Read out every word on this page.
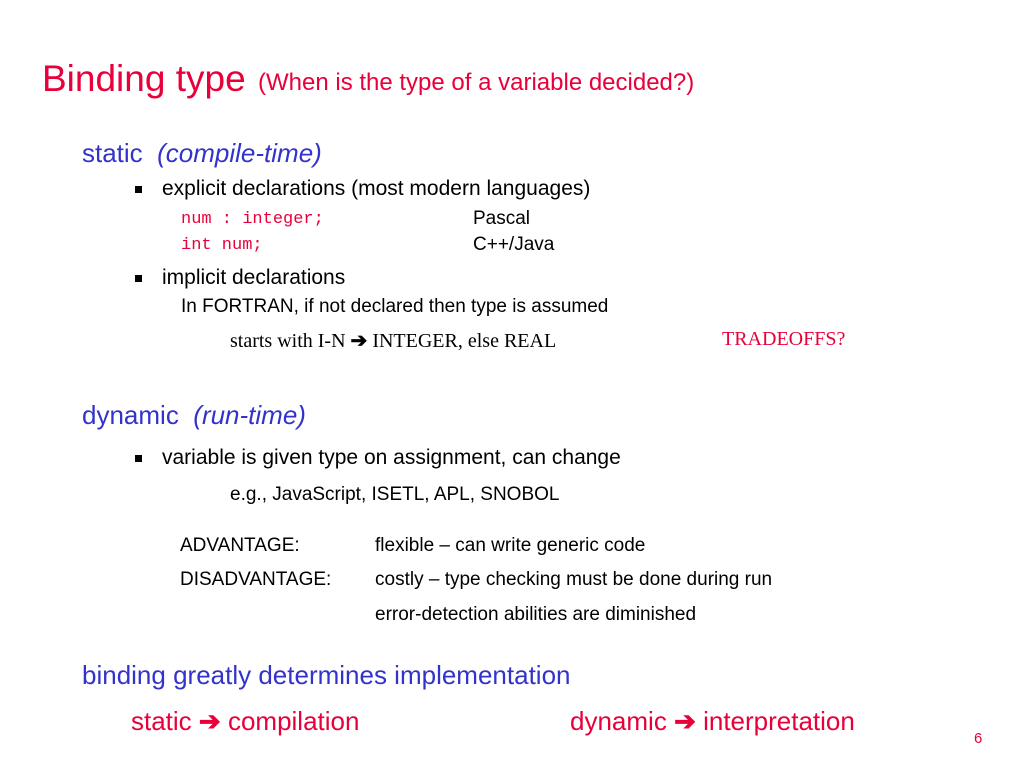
Binding type (When is the type of a variable decided?)
static (compile-time)
explicit declarations (most modern languages)
num : integer;	Pascal
int num;	C++/Java
implicit declarations
In FORTRAN, if not declared then type is assumed
starts with I-N ➔ INTEGER, else REAL	TRADEOFFS?
dynamic (run-time)
variable is given type on assignment, can change
e.g., JavaScript, ISETL, APL, SNOBOL
ADVANTAGE:	flexible – can write generic code
DISADVANTAGE: costly – type checking must be done during run
error-detection abilities are diminished
binding greatly determines implementation
static ➔ compilation	dynamic ➔ interpretation
6
